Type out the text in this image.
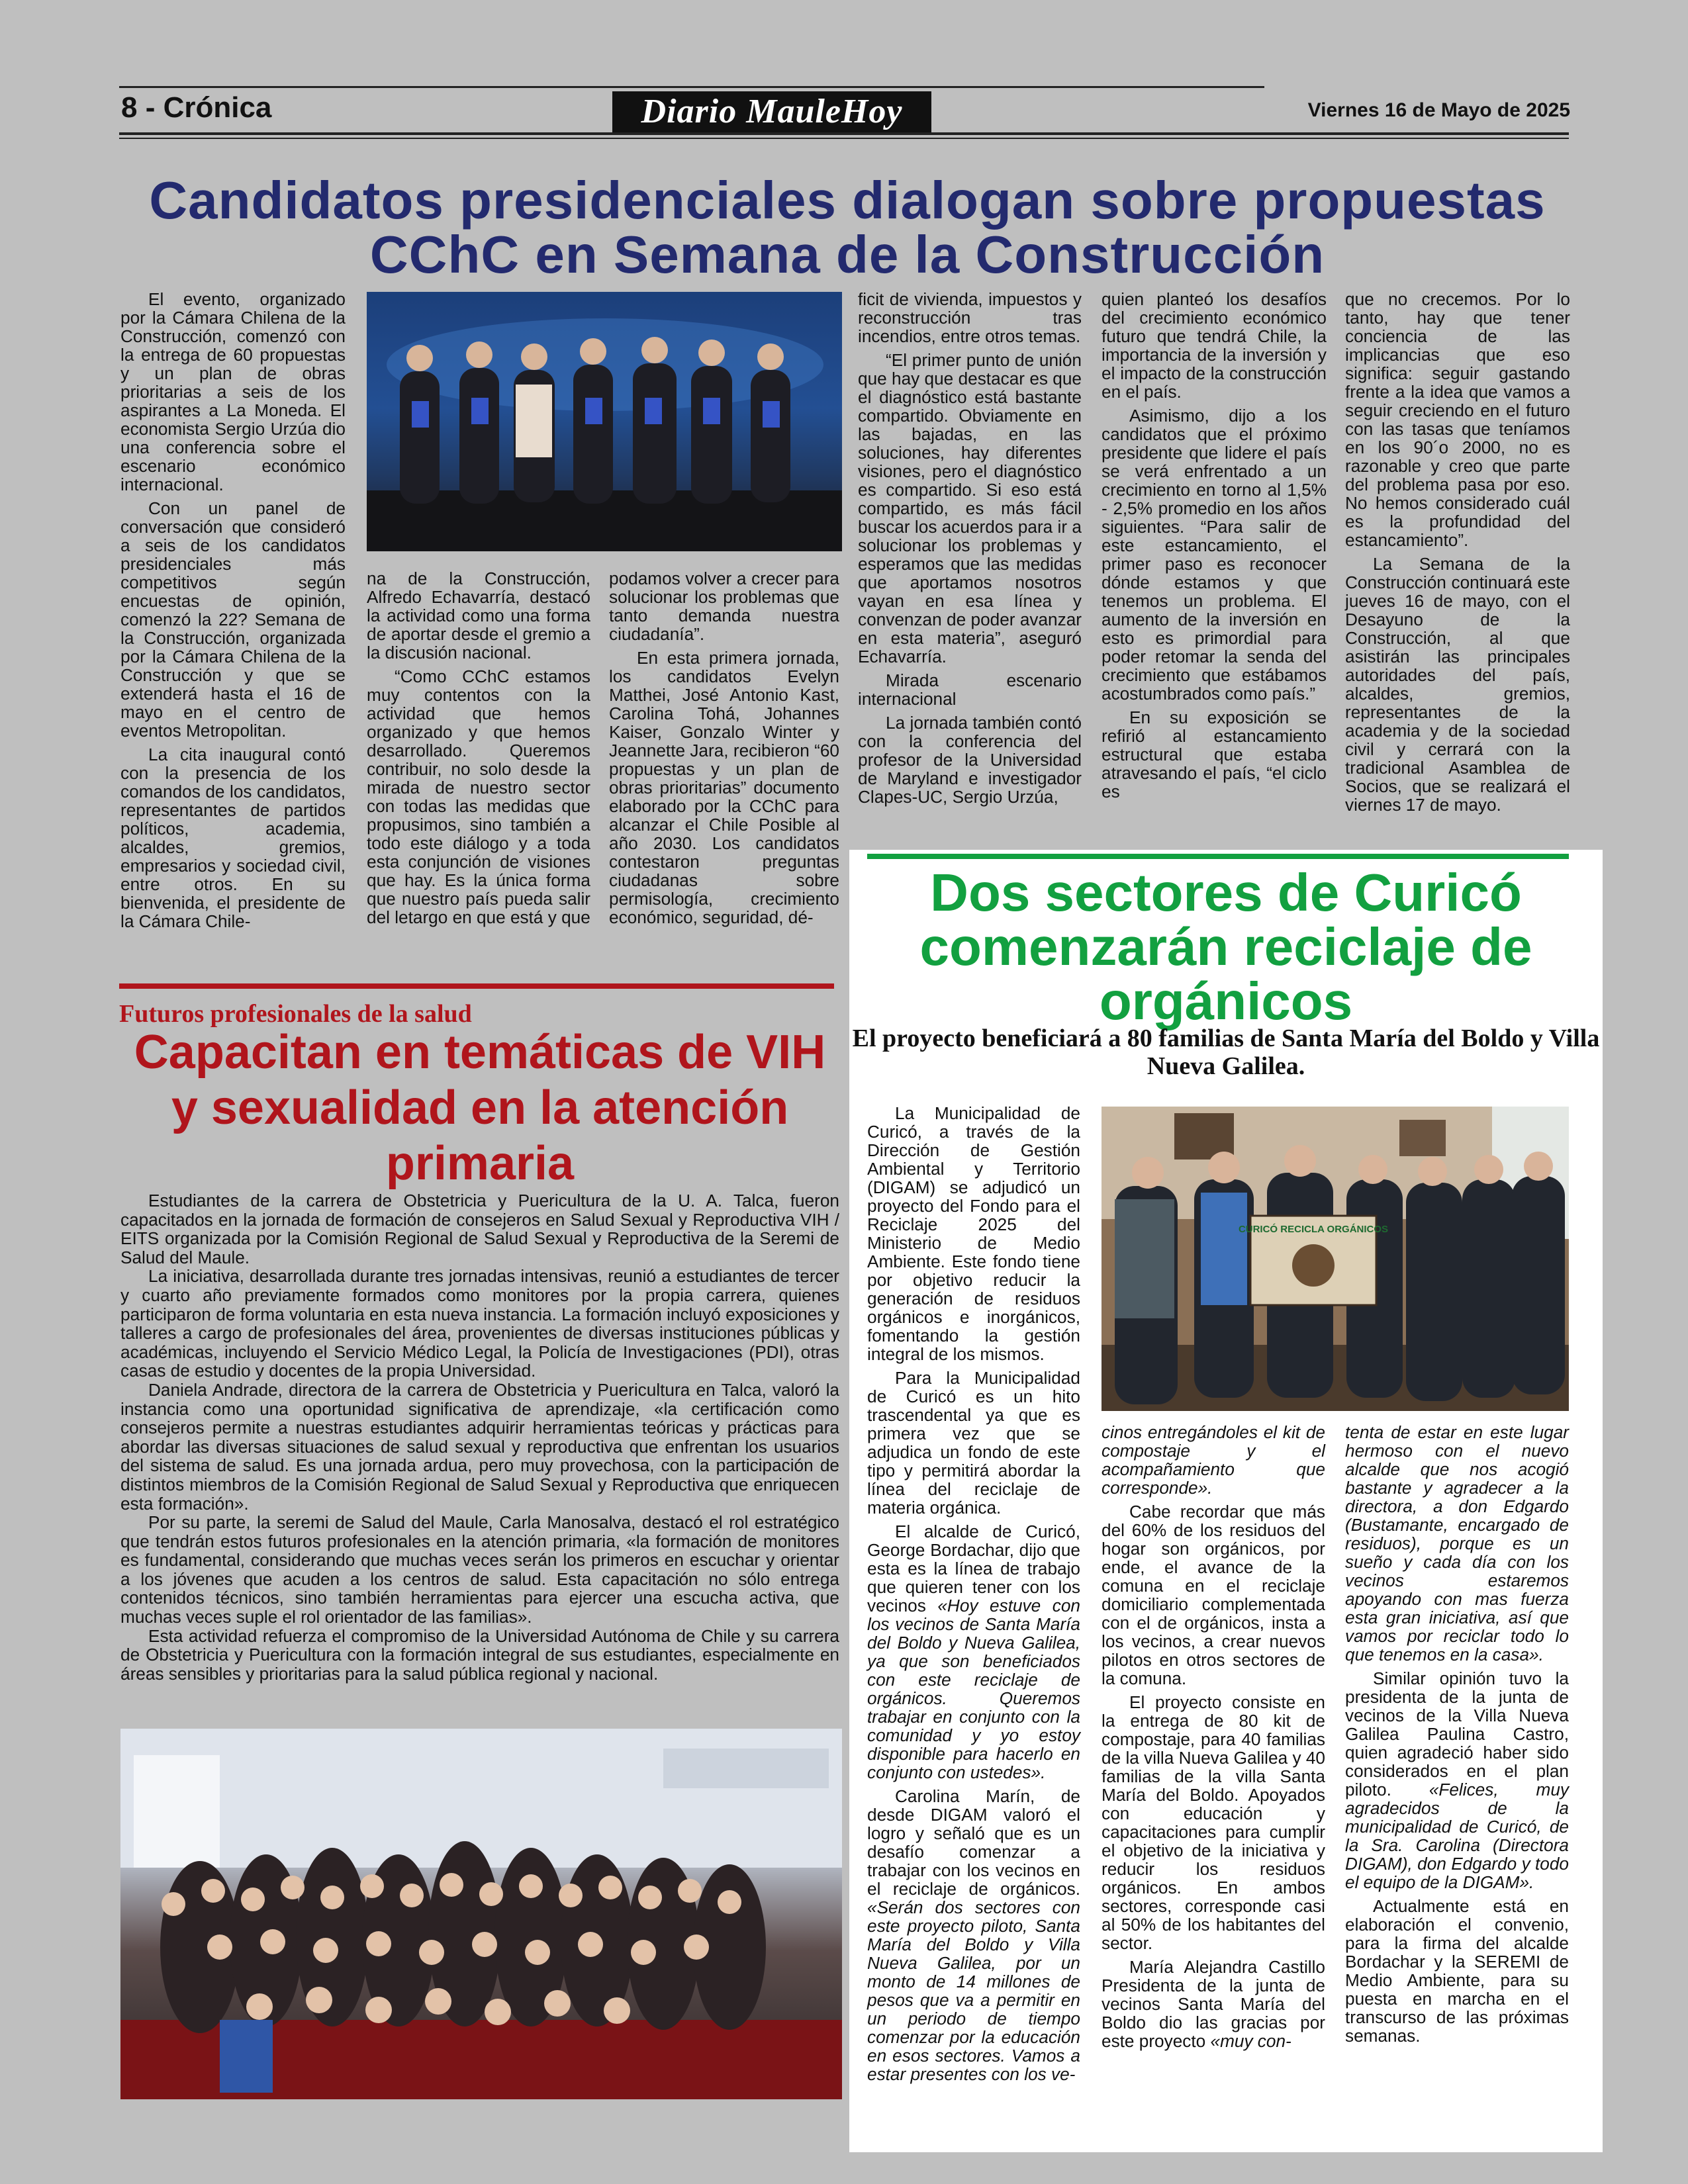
8 - Crónica	Diario MauleHoy	Viernes 16 de Mayo de 2025
Candidatos presidenciales dialogan sobre propuestas CChC en Semana de la Construcción

El evento, organizado por la Cámara Chilena de la Construcción, comenzó con la entrega de 60 propuestas y un plan de obras prioritarias a seis de los aspirantes a La Moneda. El economista Sergio Urzúa dio una conferencia sobre el escenario económico internacional.

Con un panel de conversación que consideró a seis de los candidatos presidenciales más competitivos según encuestas de opinión, comenzó la 22? Semana de la Construcción, organizada por la Cámara Chilena de la Construcción y que se extenderá hasta el 16 de mayo en el centro de eventos Metropolitan.

La cita inaugural contó con la presencia de los comandos de los candidatos, representantes de partidos políticos, academia, alcaldes, gremios, empresarios y sociedad civil, entre otros. En su bienvenida, el presidente de la Cámara Chile-

na de la Construcción, Alfredo Echavarría, destacó la actividad como una forma de aportar desde el gremio a la discusión nacional.

“Como CChC estamos muy contentos con la actividad que hemos organizado y que hemos desarrollado. Queremos contribuir, no solo desde la mirada de nuestro sector con todas las medidas que propusimos, sino también a todo este diálogo y a toda esta conjunción de visiones que hay. Es la única forma que nuestro país pueda salir del letargo en que está y que

podamos volver a crecer para solucionar los problemas que tanto demanda nuestra ciudadanía”.

En esta primera jornada, los candidatos Evelyn Matthei, José Antonio Kast, Carolina Tohá, Johannes Kaiser, Gonzalo Winter y Jeannette Jara, recibieron “60 propuestas y un plan de obras prioritarias” documento elaborado por la CChC para alcanzar el Chile Posible al año 2030. Los candidatos contestaron preguntas ciudadanas sobre permisología, crecimiento económico, seguridad, dé-

ficit de vivienda, impuestos y reconstrucción tras incendios, entre otros temas.

“El primer punto de unión que hay que destacar es que el diagnóstico está bastante compartido. Obviamente en las bajadas, en las soluciones, hay diferentes visiones, pero el diagnóstico es compartido. Si eso está compartido, es más fácil buscar los acuerdos para ir a solucionar los problemas y esperamos que las medidas que aportamos nosotros vayan en esa línea y convenzan de poder avanzar en esta materia”, aseguró Echavarría.

Mirada escenario internacional

La jornada también contó con la conferencia del profesor de la Universidad de Maryland e investigador Clapes-UC, Sergio Urzúa,

quien planteó los desafíos del crecimiento económico futuro que tendrá Chile, la importancia de la inversión y el impacto de la construcción en el país.

Asimismo, dijo a los candidatos que el próximo presidente que lidere el país se verá enfrentado a un crecimiento en torno al 1,5% - 2,5% promedio en los años siguientes. “Para salir de este estancamiento, el primer paso es reconocer dónde estamos y que tenemos un problema. El aumento de la inversión en esto es primordial para poder retomar la senda del crecimiento que estábamos acostumbrados como país.”

En su exposición se refirió al estancamiento estructural que estaba atravesando el país, “el ciclo es

que no crecemos. Por lo tanto, hay que tener conciencia de las implicancias que eso significa: seguir gastando frente a la idea que vamos a seguir creciendo en el futuro con las tasas que teníamos en los 90´o 2000, no es razonable y creo que parte del problema pasa por eso. No hemos considerado cuál es la profundidad del estancamiento”.

La Semana de la Construcción continuará este jueves 16 de mayo, con el Desayuno de la Construcción, al que asistirán las principales autoridades del país, alcaldes, gremios, representantes de la academia y de la sociedad civil y cerrará con la tradicional Asamblea de Socios, que se realizará el viernes 17 de mayo.

Futuros profesionales de la salud
Capacitan en temáticas de VIH y sexualidad en la atención primaria

Estudiantes de la carrera de Obstetricia y Puericultura de la U. A. Talca, fueron capacitados en la jornada de formación de consejeros en Salud Sexual y Reproductiva VIH / EITS organizada por la Comisión Regional de Salud Sexual y Reproductiva de la Seremi de Salud del Maule.

La iniciativa, desarrollada durante tres jornadas intensivas, reunió a estudiantes de tercer y cuarto año previamente formados como monitores por la propia carrera, quienes participaron de forma voluntaria en esta nueva instancia. La formación incluyó exposiciones y talleres a cargo de profesionales del área, provenientes de diversas instituciones públicas y académicas, incluyendo el Servicio Médico Legal, la Policía de Investigaciones (PDI), otras casas de estudio y docentes de la propia Universidad.

Daniela Andrade, directora de la carrera de Obstetricia y Puericultura en Talca, valoró la instancia como una oportunidad significativa de aprendizaje, «la certificación como consejeros permite a nuestras estudiantes adquirir herramientas teóricas y prácticas para abordar las diversas situaciones de salud sexual y reproductiva que enfrentan los usuarios del sistema de salud. Es una jornada ardua, pero muy provechosa, con la participación de distintos miembros de la Comisión Regional de Salud Sexual y Reproductiva que enriquecen esta formación».

Por su parte, la seremi de Salud del Maule, Carla Manosalva, destacó el rol estratégico que tendrán estos futuros profesionales en la atención primaria, «la formación de monitores es fundamental, considerando que muchas veces serán los primeros en escuchar y orientar a los jóvenes que acuden a los centros de salud. Esta capacitación no sólo entrega contenidos técnicos, sino también herramientas para ejercer una escucha activa, que muchas veces suple el rol orientador de las familias».

Esta actividad refuerza el compromiso de la Universidad Autónoma de Chile y su carrera de Obstetricia y Puericultura con la formación integral de sus estudiantes, especialmente en áreas sensibles y prioritarias para la salud pública regional y nacional.

Dos sectores de Curicó comenzarán reciclaje de orgánicos
El proyecto beneficiará a 80 familias de Santa María del Boldo y Villa Nueva Galilea.

La Municipalidad de Curicó, a través de la Dirección de Gestión Ambiental y Territorio (DIGAM) se adjudicó un proyecto del Fondo para el Reciclaje 2025 del Ministerio de Medio Ambiente. Este fondo tiene por objetivo reducir la generación de residuos orgánicos e inorgánicos, fomentando la gestión integral de los mismos.

Para la Municipalidad de Curicó es un hito trascendental ya que es primera vez que se adjudica un fondo de este tipo y permitirá abordar la línea del reciclaje de materia orgánica.

El alcalde de Curicó, George Bordachar, dijo que esta es la línea de trabajo que quieren tener con los vecinos «Hoy estuve con los vecinos de Santa María del Boldo y Nueva Galilea, ya que son beneficiados con este reciclaje de orgánicos. Queremos trabajar en conjunto con la comunidad y yo estoy disponible para hacerlo en conjunto con ustedes».

Carolina Marín, de desde DIGAM valoró el logro y señaló que es un desafío comenzar a trabajar con los vecinos en el reciclaje de orgánicos. «Serán dos sectores con este proyecto piloto, Santa María del Boldo y Villa Nueva Galilea, por un monto de 14 millones de pesos que va a permitir en un periodo de tiempo comenzar por la educación en esos sectores. Vamos a estar presentes con los ve-

CURICÓ RECICLA ORGÁNICOS

cinos entregándoles el kit de compostaje y el acompañamiento que corresponde».

Cabe recordar que más del 60% de los residuos del hogar son orgánicos, por ende, el avance de la comuna en el reciclaje domiciliario complementada con el de orgánicos, insta a los vecinos, a crear nuevos pilotos en otros sectores de la comuna.

El proyecto consiste en la entrega de 80 kit de compostaje, para 40 familias de la villa Nueva Galilea y 40 familias de la villa Santa María del Boldo. Apoyados con educación y capacitaciones para cumplir el objetivo de la iniciativa y reducir los residuos orgánicos. En ambos sectores, corresponde casi al 50% de los habitantes del sector.

María Alejandra Castillo Presidenta de la junta de vecinos Santa María del Boldo dio las gracias por este proyecto «muy con-

tenta de estar en este lugar hermoso con el nuevo alcalde que nos acogió bastante y agradecer a la directora, a don Edgardo (Bustamante, encargado de residuos), porque es un sueño y cada día con los vecinos estaremos apoyando con mas fuerza esta gran iniciativa, así que vamos por reciclar todo lo que tenemos en la casa».

Similar opinión tuvo la presidenta de la junta de vecinos de la Villa Nueva Galilea Paulina Castro, quien agradeció haber sido considerados en el plan piloto. «Felices, muy agradecidos de la municipalidad de Curicó, de la Sra. Carolina (Directora DIGAM), don Edgardo y todo el equipo de la DIGAM».

Actualmente está en elaboración el convenio, para la firma del alcalde Bordachar y la SEREMI de Medio Ambiente, para su puesta en marcha en el transcurso de las próximas semanas.
